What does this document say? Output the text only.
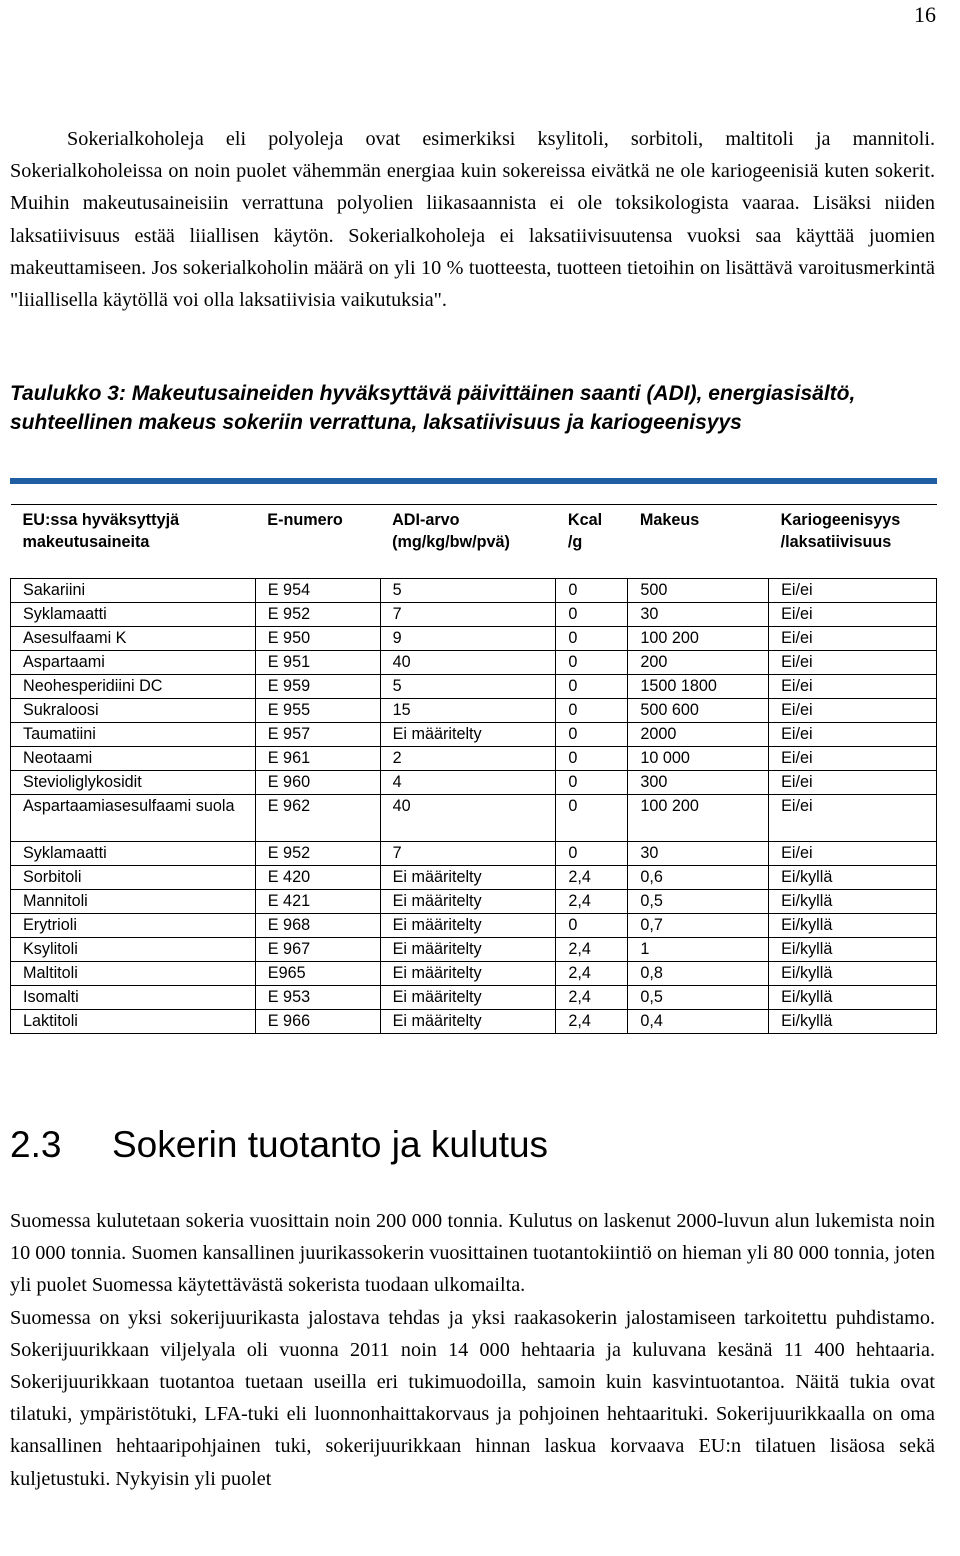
16

Sokerialkoholeja eli polyoleja ovat esimerkiksi ksylitoli, sorbitoli, maltitoli ja mannitoli. Sokerialkoholeissa on noin puolet vähemmän energiaa kuin sokereissa eivätkä ne ole kariogeenisiä kuten sokerit. Muihin makeutusaineisiin verrattuna polyolien liikasaannista ei ole toksikologista vaaraa. Lisäksi niiden laksatiivisuus estää liiallisen käytön. Sokerialkoholeja ei laksatiivisuutensa vuoksi saa käyttää juomien makeuttamiseen. Jos sokerialkoholin määrä on yli 10 % tuotteesta, tuotteen tietoihin on lisättävä varoitusmerkintä "liiallisella käytöllä voi olla laksatiivisia vaikutuksia".

Taulukko 3: Makeutusaineiden hyväksyttävä päivittäinen saanti (ADI), energiasisältö, suhteellinen makeus sokeriin verrattuna, laksatiivisuus ja kariogeenisyys

EU:ssa hyväksyttyjä makeutusaineita	E-numero	ADI-arvo (mg/kg/bw/pvä)	Kcal /g	Makeus	Kariogeenisyys /laksatiivisuus
Sakariini	E 954	5	0	500	Ei/ei
Syklamaatti	E 952	7	0	30	Ei/ei
Asesulfaami K	E 950	9	0	100 200	Ei/ei
Aspartaami	E 951	40	0	200	Ei/ei
Neohesperidiini DC	E 959	5	0	1500 1800	Ei/ei
Sukraloosi	E 955	15	0	500 600	Ei/ei
Taumatiini	E 957	Ei määritelty	0	2000	Ei/ei
Neotaami	E 961	2	0	10 000	Ei/ei
Stevioliglykosidit	E 960	4	0	300	Ei/ei
Aspartaamiasesulfaami suola	E 962	40	0	100 200	Ei/ei
Syklamaatti	E 952	7	0	30	Ei/ei
Sorbitoli	E 420	Ei määritelty	2,4	0,6	Ei/kyllä
Mannitoli	E 421	Ei määritelty	2,4	0,5	Ei/kyllä
Erytrioli	E 968	Ei määritelty	0	0,7	Ei/kyllä
Ksylitoli	E 967	Ei määritelty	2,4	1	Ei/kyllä
Maltitoli	E965	Ei määritelty	2,4	0,8	Ei/kyllä
Isomalti	E 953	Ei määritelty	2,4	0,5	Ei/kyllä
Laktitoli	E 966	Ei määritelty	2,4	0,4	Ei/kyllä
2.3 Sokerin tuotanto ja kulutus

Suomessa kulutetaan sokeria vuosittain noin 200 000 tonnia. Kulutus on laskenut 2000-luvun alun lukemista noin 10 000 tonnia. Suomen kansallinen juurikassokerin vuosittainen tuotantokiintiö on hieman yli 80 000 tonnia, joten yli puolet Suomessa käytettävästä sokerista tuodaan ulkomailta.

Suomessa on yksi sokerijuurikasta jalostava tehdas ja yksi raakasokerin jalostamiseen tarkoitettu puhdistamo. Sokerijuurikkaan viljelyala oli vuonna 2011 noin 14 000 hehtaaria ja kuluvana kesänä 11 400 hehtaaria. Sokerijuurikkaan tuotantoa tuetaan useilla eri tukimuodoilla, samoin kuin kasvintuotantoa. Näitä tukia ovat tilatuki, ympäristötuki, LFA-tuki eli luonnonhaittakorvaus ja pohjoinen hehtaarituki. Sokerijuurikkaalla on oma kansallinen hehtaaripohjainen tuki, sokerijuurikkaan hinnan laskua korvaava EU:n tilatuen lisäosa sekä kuljetustuki. Nykyisin yli puolet
